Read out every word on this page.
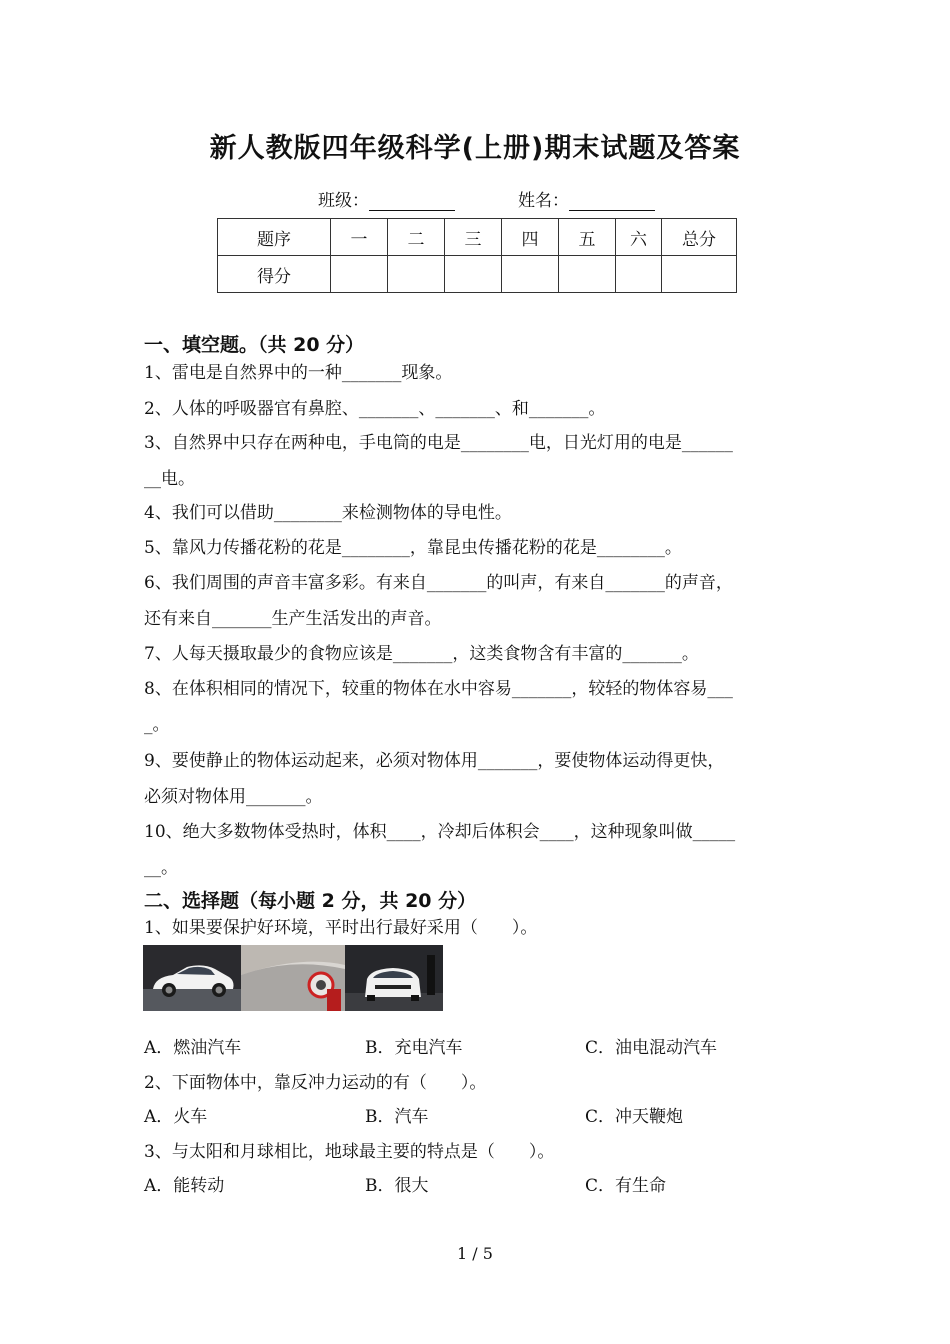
新人教版四年级科学(上册)期末试题及答案
班级：	姓名：
题序	一	二	三	四	五	六	总分
得分							
一、填空题。（共 20 分）
1、雷电是自然界中的一种_______现象。
2、人体的呼吸器官有鼻腔、_______、_______、和_______。
3、自然界中只存在两种电，手电筒的电是________电，日光灯用的电是______
__电。
4、我们可以借助________来检测物体的导电性。
5、靠风力传播花粉的花是________，靠昆虫传播花粉的花是________。
6、我们周围的声音丰富多彩。有来自_______的叫声，有来自_______的声音，
还有来自_______生产生活发出的声音。
7、人每天摄取最少的食物应该是_______，这类食物含有丰富的_______。
8、在体积相同的情况下，较重的物体在水中容易_______，较轻的物体容易___
_。
9、要使静止的物体运动起来，必须对物体用_______，要使物体运动得更快，
必须对物体用_______。
10、绝大多数物体受热时，体积____，冷却后体积会____，这种现象叫做_____
__。
二、选择题（每小题 2 分，共 20 分）
1、如果要保护好环境，平时出行最好采用（　　）。
A．燃油汽车	B．充电汽车	C．油电混动汽车
2、下面物体中，靠反冲力运动的有（　　）。
A．火车	B．汽车	C．冲天鞭炮
3、与太阳和月球相比，地球最主要的特点是（　　）。
A．能转动	B．很大	C．有生命
1 / 5
